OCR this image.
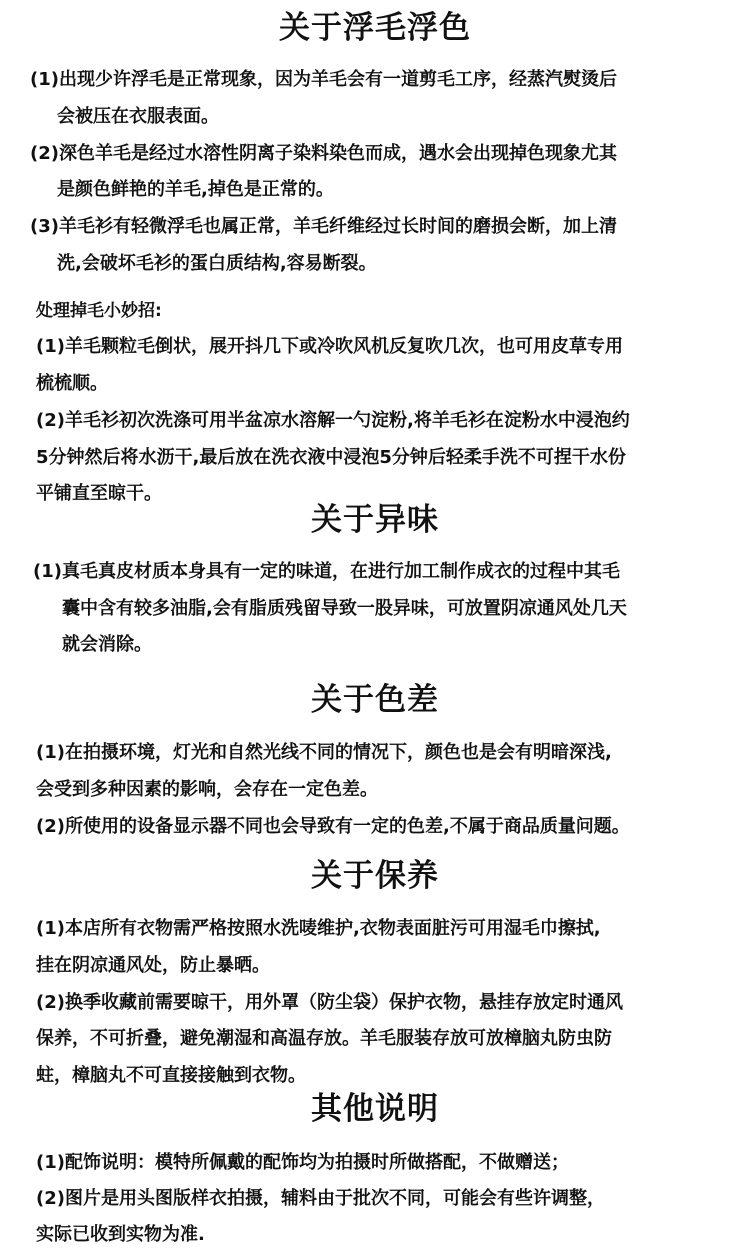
关于浮毛浮色
(1)出现少许浮毛是正常现象，因为羊毛会有一道剪毛工序，经蒸汽熨烫后
会被压在衣服表面。
(2)深色羊毛是经过水溶性阴离子染料染色而成，遇水会出现掉色现象尤其
是颜色鲜艳的羊毛,掉色是正常的。
(3)羊毛衫有轻微浮毛也属正常，羊毛纤维经过长时间的磨损会断，加上清
洗,会破坏毛衫的蛋白质结构,容易断裂。
处理掉毛小妙招:
(1)羊毛颗粒毛倒状，展开抖几下或冷吹风机反复吹几次，也可用皮草专用
梳梳顺。
(2)羊毛衫初次洗涤可用半盆凉水溶解一勺淀粉,将羊毛衫在淀粉水中浸泡约
5分钟然后将水沥干,最后放在洗衣液中浸泡5分钟后轻柔手洗不可捏干水份
平铺直至晾干。
关于异味
(1)真毛真皮材质本身具有一定的味道，在进行加工制作成衣的过程中其毛
囊中含有较多油脂,会有脂质残留导致一股异味，可放置阴凉通风处几天
就会消除。
关于色差
(1)在拍摄环境，灯光和自然光线不同的情况下，颜色也是会有明暗深浅,
会受到多种因素的影响，会存在一定色差。
(2)所使用的设备显示器不同也会导致有一定的色差,不属于商品质量问题。
关于保养
(1)本店所有衣物需严格按照水洗唛维护,衣物表面脏污可用湿毛巾擦拭,
挂在阴凉通风处，防止暴晒。
(2)换季收藏前需要晾干，用外罩（防尘袋）保护衣物，悬挂存放定时通风
保养，不可折叠，避免潮湿和高温存放。羊毛服装存放可放樟脑丸防虫防
蛀，樟脑丸不可直接接触到衣物。
其他说明
(1)配饰说明：模特所佩戴的配饰均为拍摄时所做搭配，不做赠送；
(2)图片是用头图版样衣拍摄，辅料由于批次不同，可能会有些许调整，
实际已收到实物为准.
